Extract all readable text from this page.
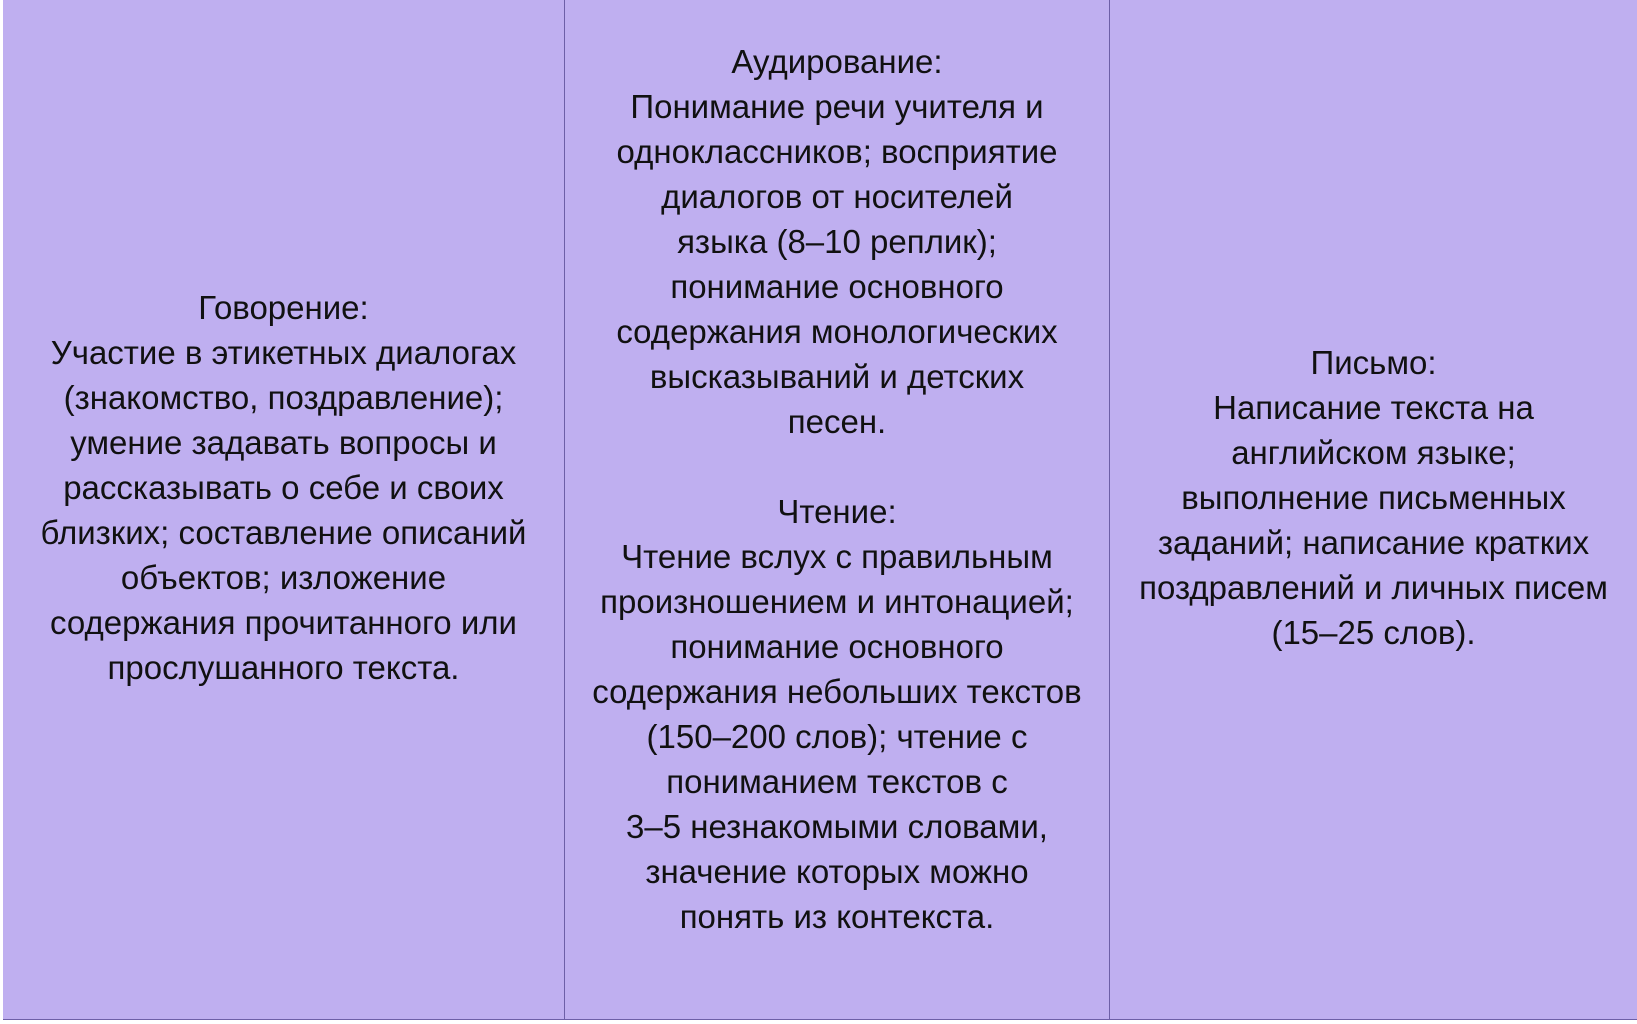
Говорение:
Участие в этикетных диалогах
(знакомство, поздравление);
умение задавать вопросы и
рассказывать о себе и своих
близких; составление описаний
объектов; изложение
содержания прочитанного или
прослушанного текста.

Аудирование:
Понимание речи учителя и
одноклассников; восприятие
диалогов от носителей
языка (8–10 реплик);
понимание основного
содержания монологических
высказываний и детских
песен.

Чтение:
Чтение вслух с правильным
произношением и интонацией;
понимание основного
содержания небольших текстов
(150–200 слов); чтение с
пониманием текстов с
3–5 незнакомыми словами,
значение которых можно
понять из контекста.

Письмо:
Написание текста на
английском языке;
выполнение письменных
заданий; написание кратких
поздравлений и личных писем
(15–25 слов).
